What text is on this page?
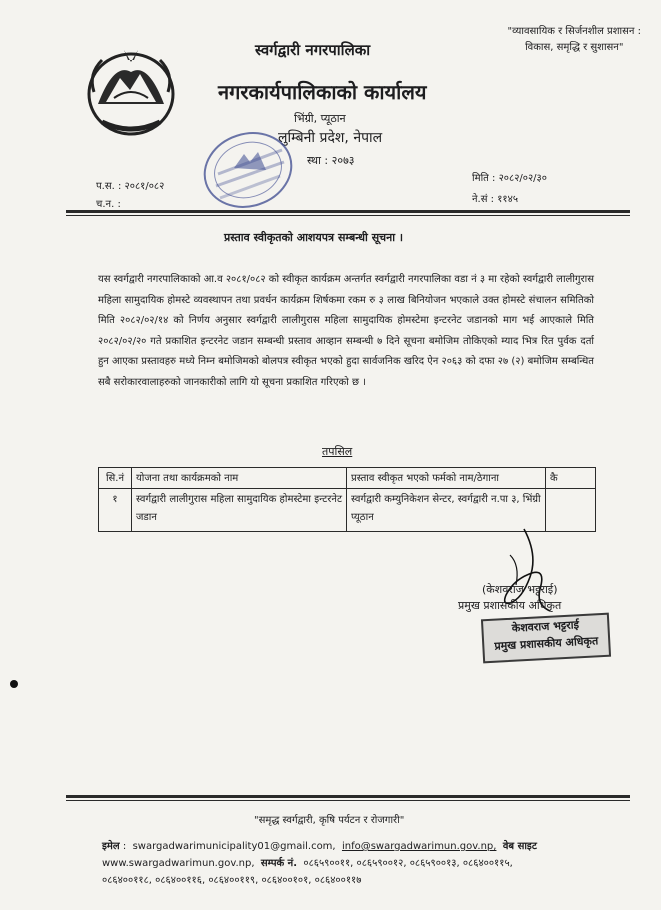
"व्यावसायिक र सिर्जनशील प्रशासन :
विकास, समृद्धि र सुशासन"
स्वर्गद्वारी नगरपालिका
नगरकार्यपालिकाको कार्यालय
भिंग्री, प्यूठान
लुम्बिनी प्रदेश, नेपाल
स्था : २०७३
प.स. : २०८१/०८२
च.न. :
मिति : २०८२/०२/३०
ने.सं : ११४५
प्रस्ताव स्वीकृतको आशयपत्र सम्बन्धी सूचना ।
यस स्वर्गद्वारी नगरपालिकाको आ.व २०८१/०८२ को स्वीकृत कार्यक्रम अन्तर्गत स्वर्गद्वारी नगरपालिका वडा नं ३ मा रहेको स्वर्गद्वारी लालीगुरास महिला सामुदायिक होमस्टे व्यवस्थापन तथा प्रवर्धन कार्यक्रम शिर्षकमा रकम रु ३ लाख बिनियोजन भएकाले उक्त होमस्टे संचालन समितिको मिति २०८२/०२/१४ को निर्णय अनुसार स्वर्गद्वारी लालीगुरास महिला सामुदायिक होमस्टेमा इन्टरनेट जडानको माग भई आएकाले मिति २०८२/०२/२० गते प्रकाशित इन्टरनेट जडान सम्बन्धी प्रस्ताव आव्हान सम्बन्धी ७ दिने सूचना बमोजिम तोकिएको म्याद भित्र रित पुर्वक दर्ता हुन आएका प्रस्तावहरु मध्ये निम्न बमोजिमको बोलपत्र स्वीकृत भएको हुदा सार्वजनिक खरिद ऐन २०६३ को दफा २७ (२) बमोजिम सम्बन्धित सबै सरोकारवालाहरुको जानकारीको लागि यो सूचना प्रकाशित गरिएको छ ।
तपसिल
सि.नं	योजना तथा कार्यक्रमको नाम	प्रस्ताव स्वीकृत भएको फर्मको नाम/ठेगाना	कै
१	स्वर्गद्वारी लालीगुरास महिला सामुदायिक होमस्टेमा इन्टरनेट जडान	स्वर्गद्वारी कम्युनिकेशन सेन्टर, स्वर्गद्वारी न.पा ३, भिंग्री प्यूठान	
(केशवराज भट्टराई)
प्रमुख प्रशासकीय अधिकृत
केशवराज भट्टराई
प्रमुख प्रशासकीय अधिकृत
"समृद्ध स्वर्गद्वारी, कृषि पर्यटन र रोजगारी"
इमेल :  swargadwarimunicipality01@gmail.com, info@swargadwarimun.gov.np, वेब साइट
www.swargadwarimun.gov.np, सम्पर्क नं. ०८६५९००११, ०८६५९००१२, ०८६५९००१३, ०८६४००११५,
०८६४००११८, ०८६४००११६, ०८६४००११९, ०८६४००१०१, ०८६४००११७
